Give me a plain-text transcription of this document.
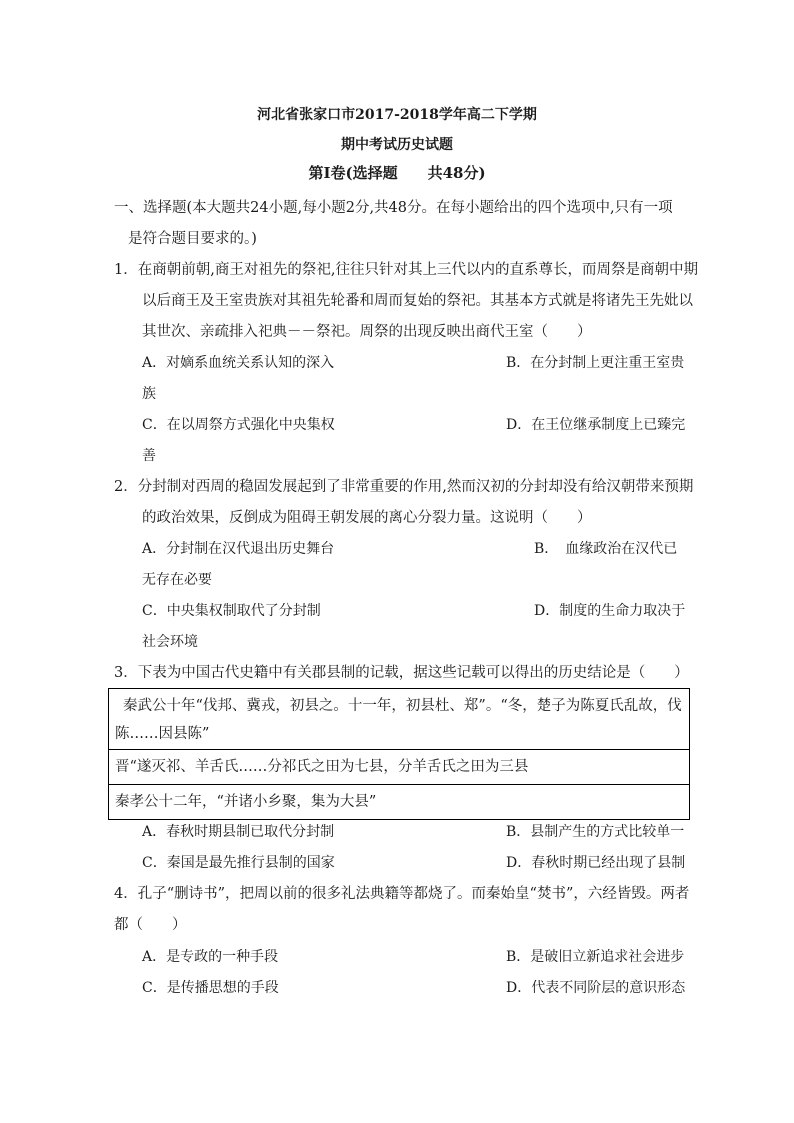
河北省张家口市2017-2018学年高二下学期
期中考试历史试题
第Ⅰ卷(选择题　　共48分)
一、选择题(本大题共24小题,每小题2分,共48分。在每小题给出的四个选项中,只有一项
是符合题目要求的。)
1．在商朝前朝,商王对祖先的祭祀,往往只针对其上三代以内的直系尊长，而周祭是商朝中期
以后商王及王室贵族对其祖先轮番和周而复始的祭祀。其基本方式就是将诸先王先妣以
其世次、亲疏排入祀典－－祭祀。周祭的出现反映出商代王室（　　）
A．对嫡系血统关系认知的深入	B．在分封制上更注重王室贵
族
C．在以周祭方式强化中央集权	D．在王位继承制度上已臻完
善
2．分封制对西周的稳固发展起到了非常重要的作用,然而汉初的分封却没有给汉朝带来预期
的政治效果，反倒成为阻碍王朝发展的离心分裂力量。这说明（　　）
A．分封制在汉代退出历史舞台	B．　血缘政治在汉代已
无存在必要
C．中央集权制取代了分封制	D．制度的生命力取决于
社会环境
3．下表为中国古代史籍中有关郡县制的记载，据这些记载可以得出的历史结论是（　　）
秦武公十年“伐邦、冀戎，初县之。十一年，初县杜、郑”。“冬，楚子为陈夏氏乱故，伐
陈……因县陈”
晋“遂灭祁、羊舌氏……分祁氏之田为七县，分羊舌氏之田为三县
秦孝公十二年，“并诸小乡聚，集为大县”
A．春秋时期县制已取代分封制	B．县制产生的方式比较单一
C．秦国是最先推行县制的国家	D．春秋时期已经出现了县制
4．孔子“删诗书”，把周以前的很多礼法典籍等都烧了。而秦始皇“焚书”，六经皆毁。两者
都（　　）
A．是专政的一种手段	B．是破旧立新追求社会进步
C．是传播思想的手段	D．代表不同阶层的意识形态
